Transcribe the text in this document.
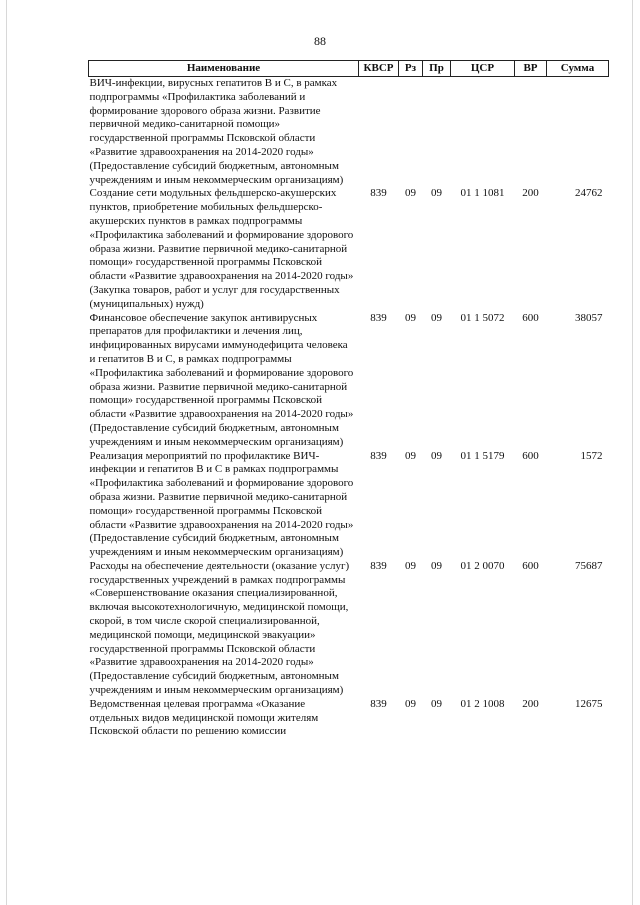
88
Наименование	КВСР	Рз	Пр	ЦСР	ВР	Сумма
ВИЧ-инфекции, вирусных гепатитов В и С, в рамках подпрограммы «Профилактика заболеваний и формирование здорового образа жизни. Развитие первичной медико-санитарной помощи» государственной программы Псковской области «Развитие здравоохранения на 2014-2020 годы» (Предоставление субсидий бюджетным, автономным учреждениям и иным некоммерческим организациям)						
Создание сети модульных фельдшерско-акушерских пунктов, приобретение мобильных фельдшерско-акушерских пунктов в рамках подпрограммы «Профилактика заболеваний и формирование здорового образа жизни. Развитие первичной медико-санитарной помощи» государственной программы Псковской области «Развитие здравоохранения на 2014-2020 годы» (Закупка товаров, работ и услуг для государственных (муниципальных) нужд)	839	09	09	01 1 1081	200	24762
Финансовое обеспечение закупок антивирусных препаратов для профилактики и лечения лиц, инфицированных вирусами иммунодефицита человека и гепатитов В и С, в рамках подпрограммы «Профилактика заболеваний и формирование здорового образа жизни. Развитие первичной медико-санитарной помощи» государственной программы Псковской области «Развитие здравоохранения на 2014-2020 годы» (Предоставление субсидий бюджетным, автономным учреждениям и иным некоммерческим организациям)	839	09	09	01 1 5072	600	38057
Реализация мероприятий по профилактике ВИЧ-инфекции и гепатитов В и С в рамках подпрограммы «Профилактика заболеваний и формирование здорового образа жизни. Развитие первичной медико-санитарной помощи» государственной программы Псковской области «Развитие здравоохранения на 2014-2020 годы» (Предоставление субсидий бюджетным, автономным учреждениям и иным некоммерческим организациям)	839	09	09	01 1 5179	600	1572
Расходы на обеспечение деятельности (оказание услуг) государственных учреждений в рамках подпрограммы «Совершенствование оказания специализированной, включая высокотехнологичную, медицинской помощи, скорой, в том числе скорой специализированной, медицинской помощи, медицинской эвакуации» государственной программы Псковской области «Развитие здравоохранения на 2014-2020 годы» (Предоставление субсидий бюджетным, автономным учреждениям и иным некоммерческим организациям)	839	09	09	01 2 0070	600	75687
Ведомственная целевая программа «Оказание отдельных видов медицинской помощи жителям Псковской области по решению комиссии	839	09	09	01 2 1008	200	12675
